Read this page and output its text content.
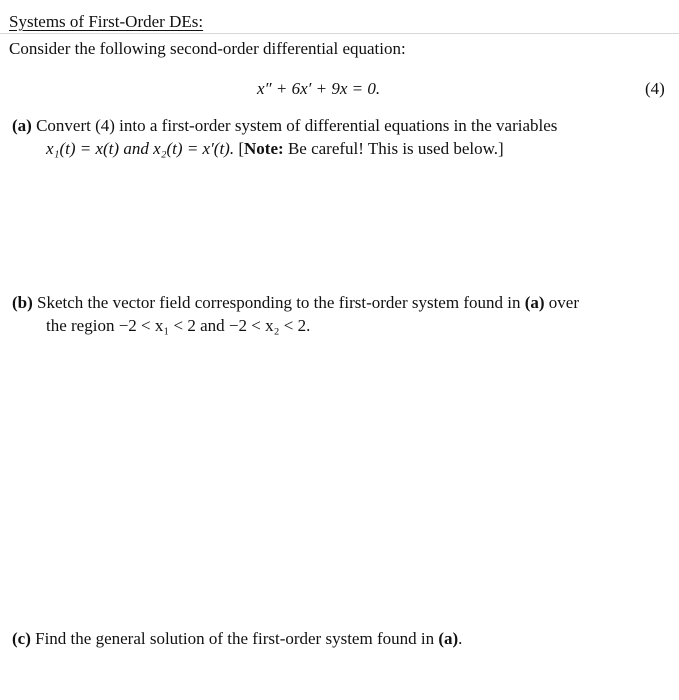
Systems of First-Order DEs:
Consider the following second-order differential equation:
x″ + 6x′ + 9x = 0.	(4)
(a) Convert (4) into a first-order system of differential equations in the variables
x₁(t) = x(t) and x₂(t) = x′(t). [Note: Be careful! This is used below.]
(b) Sketch the vector field corresponding to the first-order system found in (a) over
the region −2 < x₁ < 2 and −2 < x₂ < 2.
(c) Find the general solution of the first-order system found in (a).
